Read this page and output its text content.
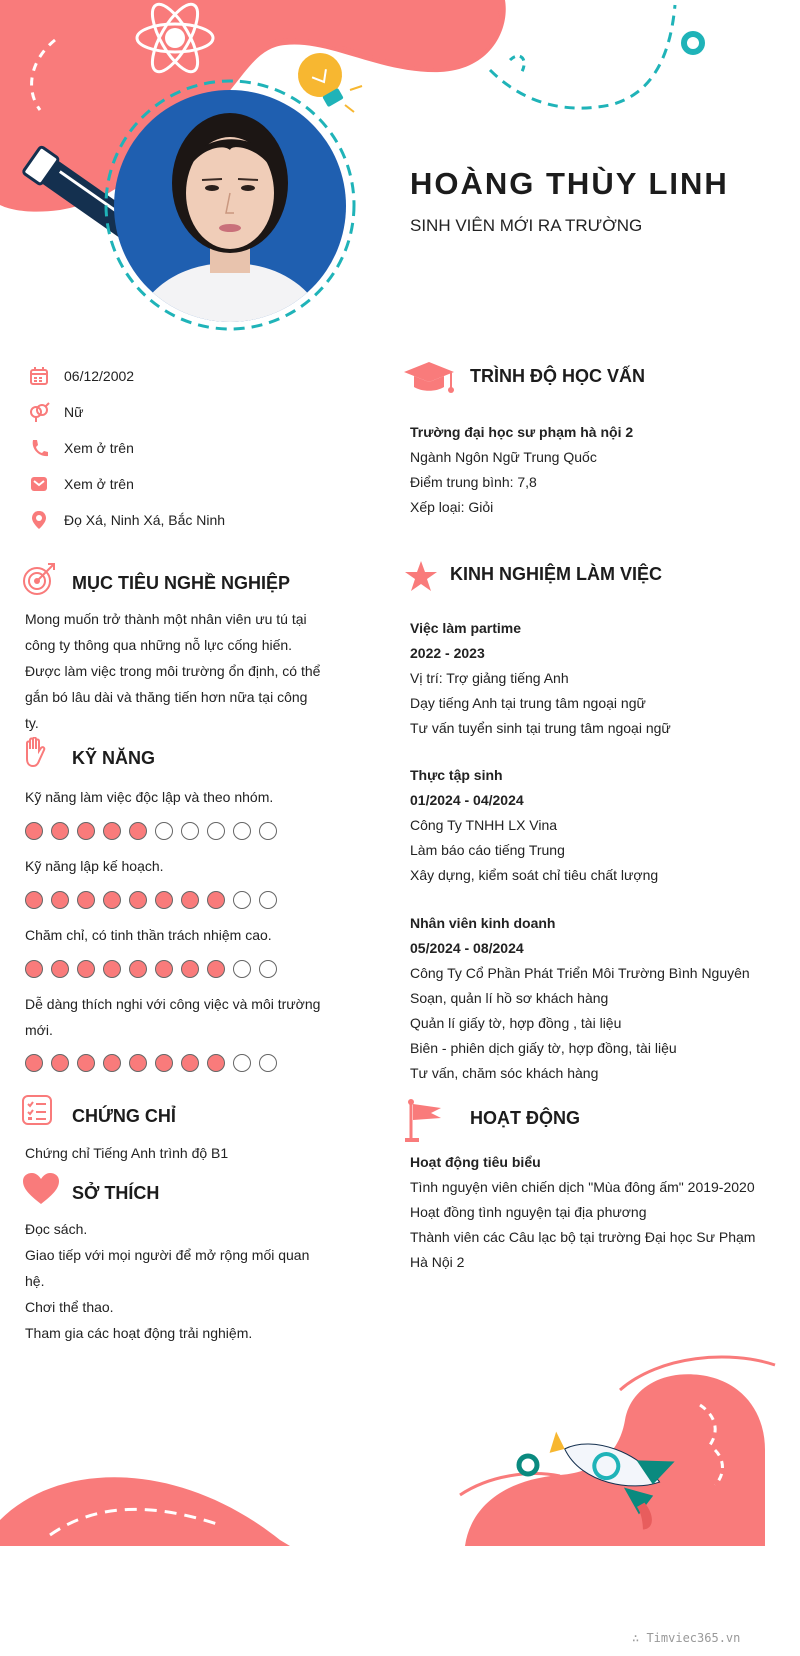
HOÀNG THÙY LINH
SINH VIÊN MỚI RA TRƯỜNG
06/12/2002
Nữ
Xem ở trên
Xem ở trên
Đọ Xá, Ninh Xá, Bắc Ninh
MỤC TIÊU NGHỀ NGHIỆP

Mong muốn trở thành một nhân viên ưu tú tại

công ty thông qua những nỗ lực cống hiến.

Được làm việc trong môi trường ổn định, có thể

gắn bó lâu dài và thăng tiến hơn nữa tại công

ty.

KỸ NĂNG
Kỹ năng làm việc độc lập và theo nhóm.
Kỹ năng lập kế hoạch.
Chăm chỉ, có tinh thần trách nhiệm cao.
Dễ dàng thích nghi với công việc và môi trường
mới.
CHỨNG CHỈ
Chứng chỉ Tiếng Anh trình độ B1
SỞ THÍCH

Đọc sách.

Giao tiếp với mọi người để mở rộng mối quan

hệ.

Chơi thể thao.

Tham gia các hoạt động trải nghiệm.

TRÌNH ĐỘ HỌC VẤN
Trường đại học sư phạm hà nội 2
Ngành Ngôn Ngữ Trung Quốc
Điểm trung bình: 7,8
Xếp loại: Giỏi
KINH NGHIỆM LÀM VIỆC
Việc làm partime
2022 - 2023
Vị trí: Trợ giảng tiếng Anh
Dạy tiếng Anh tại trung tâm ngoại ngữ
Tư vấn tuyển sinh tại trung tâm ngoại ngữ
Thực tập sinh
01/2024 - 04/2024
Công Ty TNHH LX Vina
Làm báo cáo tiếng Trung
Xây dựng, kiểm soát chỉ tiêu chất lượng
Nhân viên kinh doanh
05/2024 - 08/2024
Công Ty Cổ Phần Phát Triển Môi Trường Bình Nguyên
Soạn, quản lí hồ sơ khách hàng
Quản lí giấy tờ, hợp đồng , tài liệu
Biên - phiên dịch giấy tờ, hợp đồng, tài liệu
Tư vấn, chăm sóc khách hàng
HOẠT ĐỘNG
Hoạt động tiêu biểu
Tình nguyện viên chiến dịch "Mùa đông ấm" 2019-2020
Hoạt đồng tình nguyện tại địa phương
Thành viên các Câu lạc bộ tại trường Đại học Sư Phạm
Hà Nội 2
∴ Timviec365.vn
